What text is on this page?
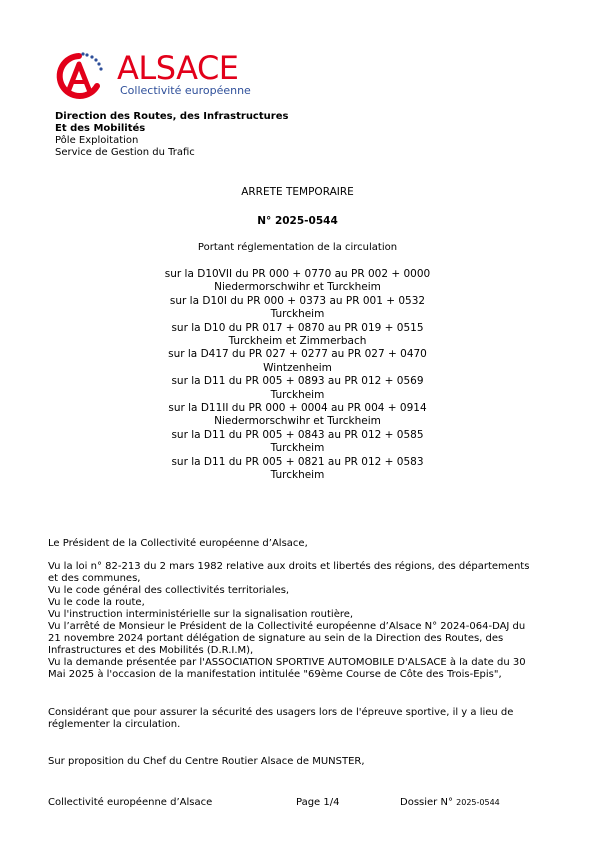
ALSACE
Collectivité européenne
Direction des Routes, des Infrastructures
Et des Mobilités
Pôle Exploitation
Service de Gestion du Trafic
ARRETE TEMPORAIRE
N° 2025-0544
Portant réglementation de la circulation
sur la D10VII du PR 000 + 0770 au PR 002 + 0000
Niedermorschwihr et Turckheim
sur la D10I du PR 000 + 0373 au PR 001 + 0532
Turckheim
sur la D10 du PR 017 + 0870 au PR 019 + 0515
Turckheim et Zimmerbach
sur la D417 du PR 027 + 0277 au PR 027 + 0470
Wintzenheim
sur la D11 du PR 005 + 0893 au PR 012 + 0569
Turckheim
sur la D11II du PR 000 + 0004 au PR 004 + 0914
Niedermorschwihr et Turckheim
sur la D11 du PR 005 + 0843 au PR 012 + 0585
Turckheim
sur la D11 du PR 005 + 0821 au PR 012 + 0583
Turckheim
Le Président de la Collectivité européenne d’Alsace,
Vu la loi n° 82-213 du 2 mars 1982 relative aux droits et libertés des régions, des départements
et des communes,
Vu le code général des collectivités territoriales,
Vu le code la route,
Vu l'instruction interministérielle sur la signalisation routière,
Vu l’arrêté de Monsieur le Président de la Collectivité européenne d’Alsace N° 2024-064-DAJ du
21 novembre 2024 portant délégation de signature au sein de la Direction des Routes, des
Infrastructures et des Mobilités (D.R.I.M),
Vu la demande présentée par l'ASSOCIATION SPORTIVE AUTOMOBILE D'ALSACE à la date du 30
Mai 2025 à l'occasion de la manifestation intitulée "69ème Course de Côte des Trois-Epis",
Considérant que pour assurer la sécurité des usagers lors de l'épreuve sportive, il y a lieu de
réglementer la circulation.
Sur proposition du Chef du Centre Routier Alsace de MUNSTER,
Collectivité européenne d’Alsace	Page 1/4	Dossier N° 2025-0544
